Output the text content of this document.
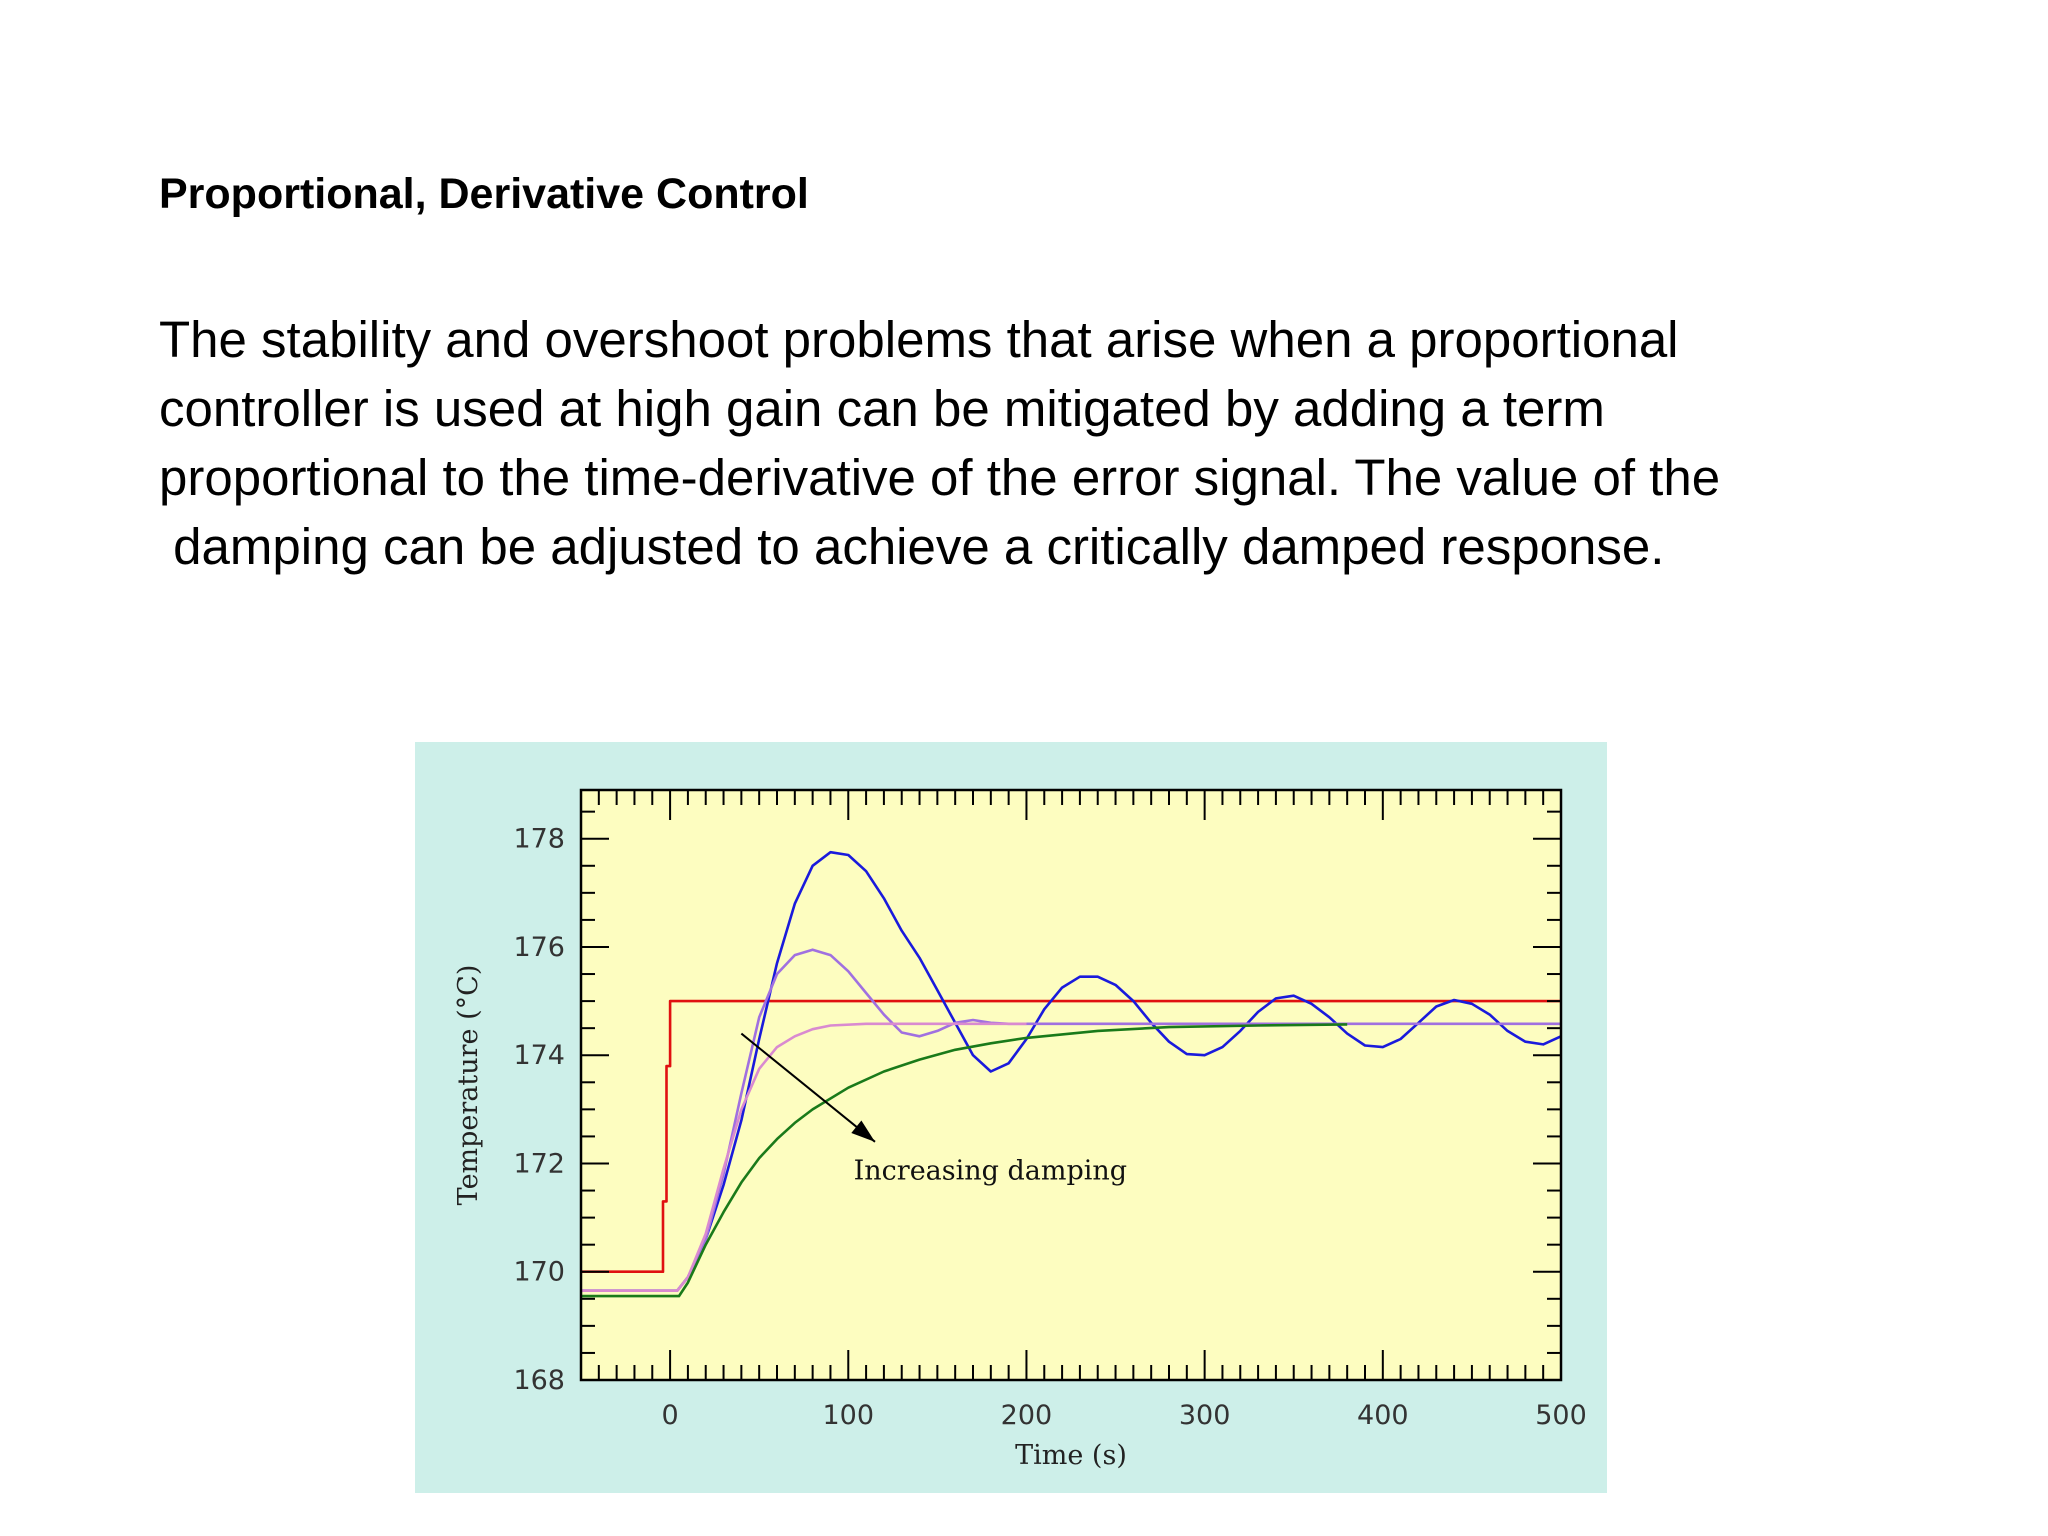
Proportional, Derivative Control
The stability and overshoot problems that arise when a proportional
controller is used at high gain can be mitigated by adding a term
proportional to the time-derivative of the error signal. The value of the
damping can be adjusted to achieve a critically damped response.
0	100	200	300	400	500
168
170
172
174
176
178
Increasing damping
Time (s)
Temperature (°C)
